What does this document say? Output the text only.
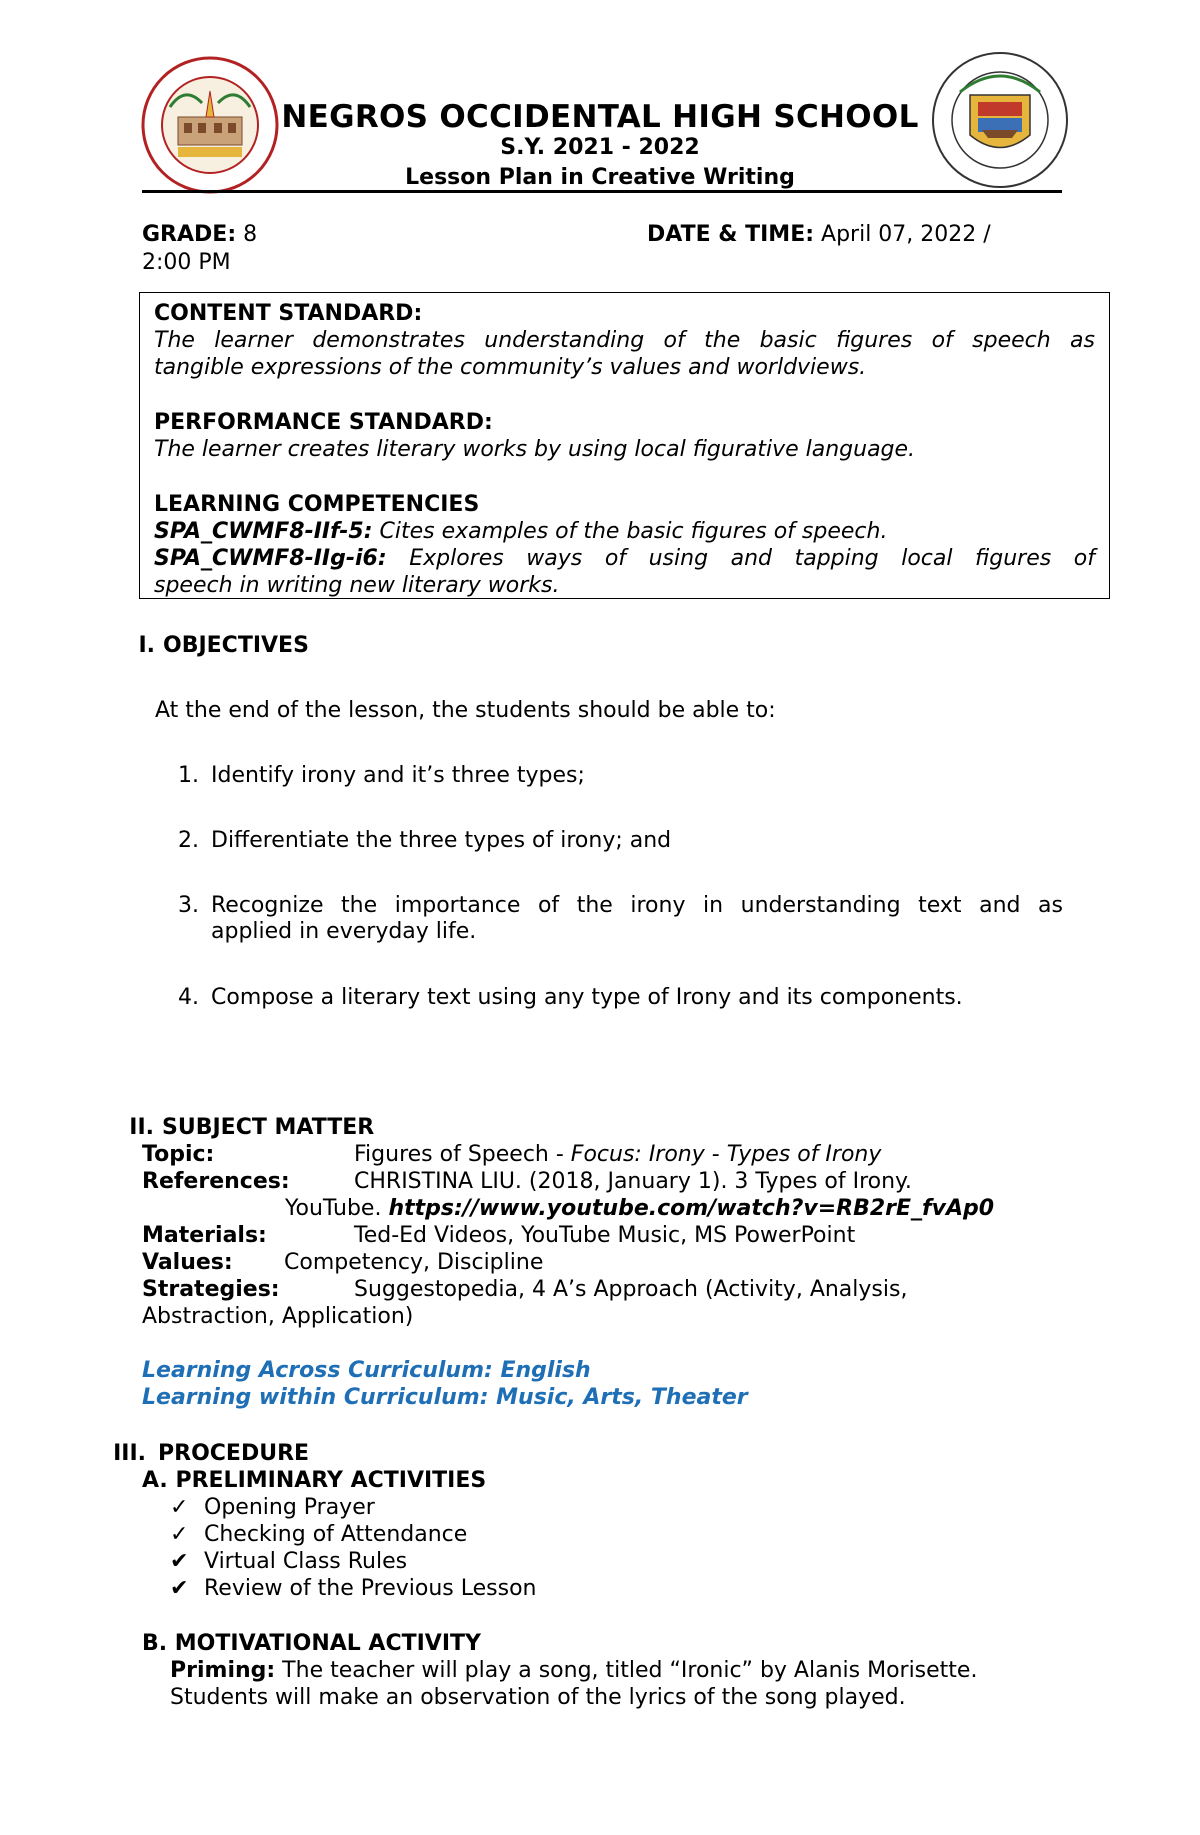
NEGROS OCCIDENTAL HIGH SCHOOL
S.Y. 2021 - 2022
Lesson Plan in Creative Writing
GRADE: 8	DATE & TIME: April 07, 2022 /
2:00 PM
CONTENT STANDARD:
The learner demonstrates understanding of the basic figures of speech as
tangible expressions of the community’s values and worldviews.
PERFORMANCE STANDARD:
The learner creates literary works by using local figurative language.
LEARNING COMPETENCIES
SPA_CWMF8-IIf-5: Cites examples of the basic figures of speech.
SPA_CWMF8-IIg-i6: Explores ways of using and tapping local figures of
speech in writing new literary works.
I. OBJECTIVES
At the end of the lesson, the students should be able to:
1. Identify irony and it’s three types;
2. Differentiate the three types of irony; and
3. Recognize the importance of the irony in understanding text and as
applied in everyday life.
4. Compose a literary text using any type of Irony and its components.
II. SUBJECT MATTER
Topic:	Figures of Speech - Focus: Irony - Types of Irony
References:	CHRISTINA LIU. (2018, January 1). 3 Types of Irony.
YouTube. https://www.youtube.com/watch?v=RB2rE_fvAp0
Materials:	Ted-Ed Videos, YouTube Music, MS PowerPoint
Values: Competency, Discipline
Strategies:	Suggestopedia, 4 A’s Approach (Activity, Analysis,
Abstraction, Application)
Learning Across Curriculum: English
Learning within Curriculum: Music, Arts, Theater
III. PROCEDURE
A. PRELIMINARY ACTIVITIES
✓ Opening Prayer
✓ Checking of Attendance
✔ Virtual Class Rules
✔ Review of the Previous Lesson
B. MOTIVATIONAL ACTIVITY
Priming: The teacher will play a song, titled “Ironic” by Alanis Morisette.
Students will make an observation of the lyrics of the song played.
